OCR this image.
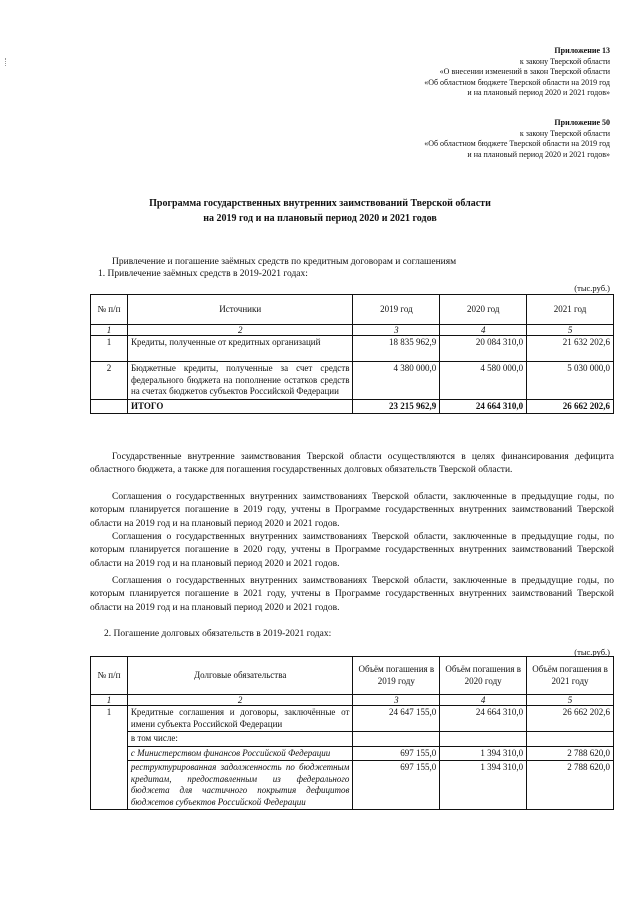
Приложение 13
к закону Тверской области
«О внесении изменений в закон Тверской области
«Об областном бюджете Тверской области на 2019 год
и на плановый период 2020 и 2021 годов»
Приложение 50
к закону Тверской области
«Об областном бюджете Тверской области на 2019 год
и на плановый период 2020 и 2021 годов»
Программа государственных внутренних заимствований Тверской области
на 2019 год и на плановый период 2020 и 2021 годов
Привлечение и погашение заёмных средств по кредитным договорам и соглашениям
1. Привлечение заёмных средств в 2019-2021 годах:
(тыс.руб.)
№ п/п	Источники	2019 год	2020 год	2021 год
1	2	3	4	5
1	Кредиты, полученные от кредитных организаций	18 835 962,9	20 084 310,0	21 632 202,6
2	Бюджетные кредиты, полученные за счет средств федерального бюджета на пополнение остатков средств на счетах бюджетов субъектов Российской Федерации	4 380 000,0	4 580 000,0	5 030 000,0
	ИТОГО	23 215 962,9	24 664 310,0	26 662 202,6

Государственные внутренние заимствования Тверской области осуществляются в целях финансирования дефицита областного бюджета, а также для погашения государственных долговых обязательств Тверской области.

Соглашения о государственных внутренних заимствованиях Тверской области, заключенные в предыдущие годы, по которым планируется погашение в 2019 году, учтены в Программе государственных внутренних заимствований Тверской области на 2019 год и на плановый период 2020 и 2021 годов.

Соглашения о государственных внутренних заимствованиях Тверской области, заключенные в предыдущие годы, по которым планируется погашение в 2020 году, учтены в Программе государственных внутренних заимствований Тверской области на 2019 год и на плановый период 2020 и 2021 годов.

Соглашения о государственных внутренних заимствованиях Тверской области, заключенные в предыдущие годы, по которым планируется погашение в 2021 году, учтены в Программе государственных внутренних заимствований Тверской области на 2019 год и на плановый период 2020 и 2021 годов.

2. Погашение долговых обязательств в 2019-2021 годах:
(тыс.руб.)
№ п/п	Долговые обязательства	Объём погашения в 2019 году	Объём погашения в 2020 году	Объём погашения в 2021 году
1	2	3	4	5
1	Кредитные соглашения и договоры, заключённые от имени субъекта Российской Федерации	24 647 155,0	24 664 310,0	26 662 202,6
	в том числе:			
	с Министерством финансов Российской Федерации	697 155,0	1 394 310,0	2 788 620,0
	реструктурированная задолженность по бюджетным кредитам, предоставленным из федерального бюджета для частичного покрытия дефицитов бюджетов субъектов Российской Федерации	697 155,0	1 394 310,0	2 788 620,0
